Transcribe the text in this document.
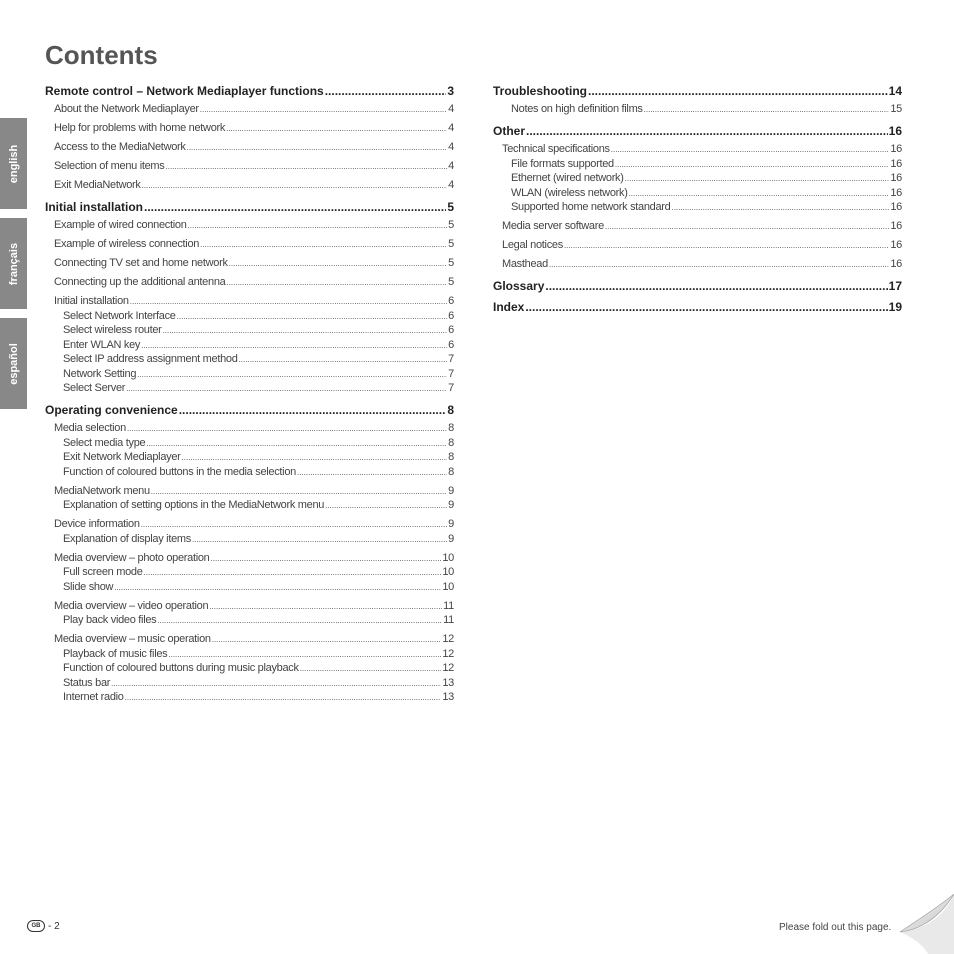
Contents
english
français
español
Remote control – Network Mediaplayer functions .....	3
About the Network Mediaplayer .....	4
Help for problems with home network .....	4
Access to the MediaNetwork .....	4
Selection of menu items .....	4
Exit MediaNetwork .....	4
Initial installation .....	5
Example of wired connection .....	5
Example of wireless connection .....	5
Connecting TV set and home network .....	5
Connecting up the additional antenna .....	5
Initial installation .....	6
Select Network Interface .....	6
Select wireless router .....	6
Enter WLAN key .....	6
Select IP address assignment method .....	7
Network Setting .....	7
Select Server .....	7
Operating convenience .....	8
Media selection .....	8
Select media type .....	8
Exit Network Mediaplayer .....	8
Function of coloured buttons in the media selection .....	8
MediaNetwork menu .....	9
Explanation of setting options in the MediaNetwork menu .....	9
Device information .....	9
Explanation of display items .....	9
Media overview – photo operation .....	10
Full screen mode .....	10
Slide show .....	10
Media overview – video operation .....	11
Play back video files .....	11
Media overview – music operation .....	12
Playback of music files .....	12
Function of coloured buttons during music playback .....	12
Status bar .....	13
Internet radio .....	13
Troubleshooting .....	14
Notes on high definition films .....	15
Other .....	16
Technical specifications .....	16
File formats supported .....	16
Ethernet (wired network) .....	16
WLAN (wireless network) .....	16
Supported home network standard .....	16
Media server software .....	16
Legal notices .....	16
Masthead .....	16
Glossary .....	17
Index .....	19
GB - 2	Please fold out this page.
